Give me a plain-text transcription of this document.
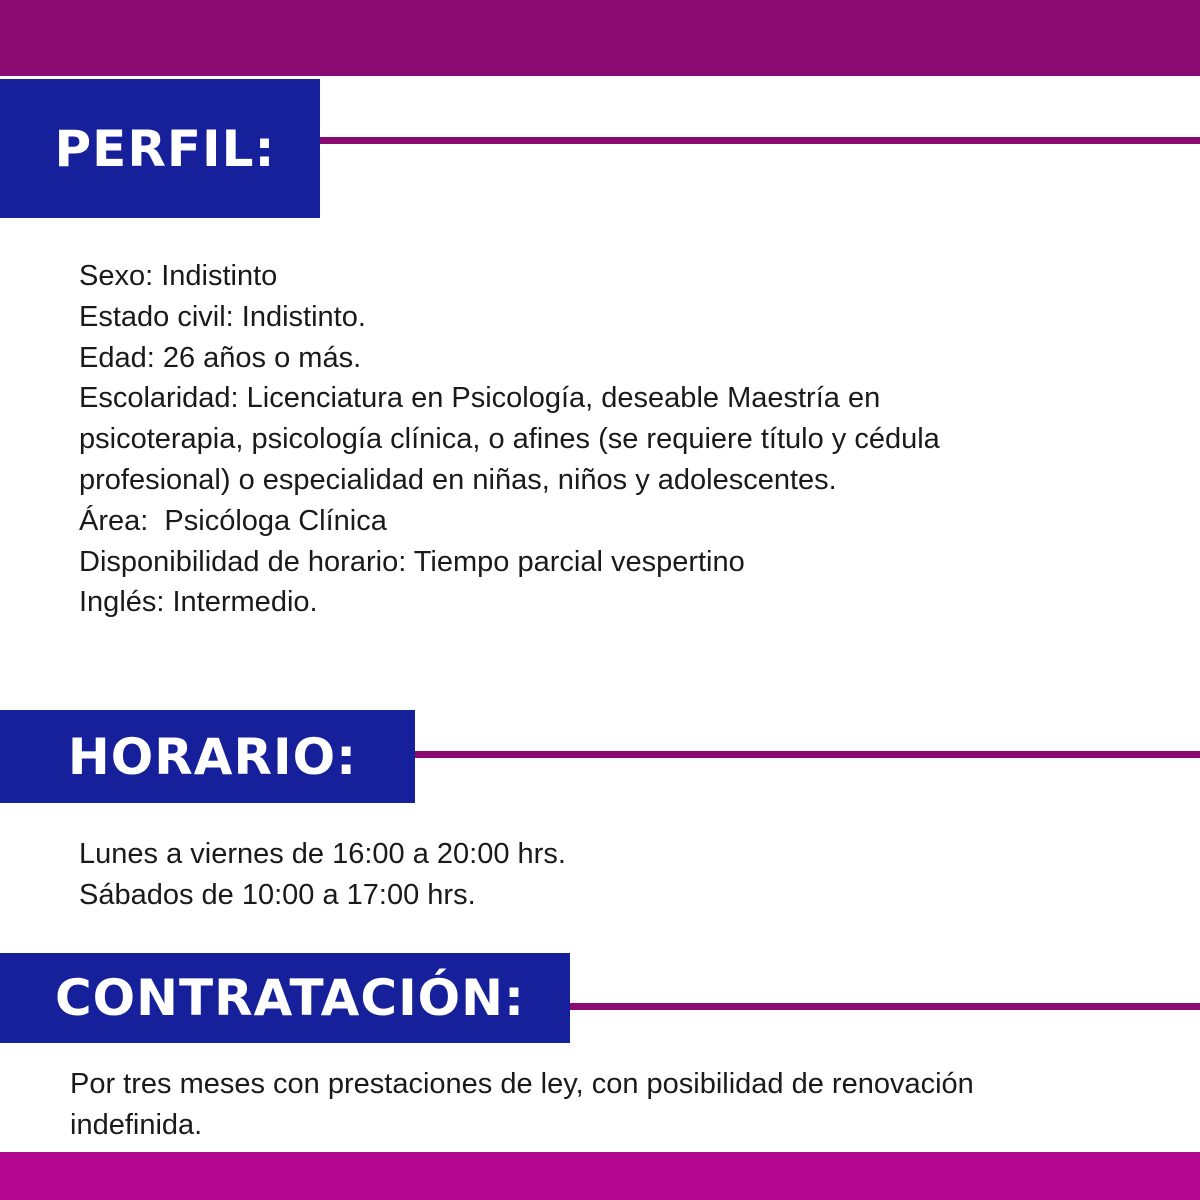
PERFIL:
Sexo: Indistinto
Estado civil: Indistinto.
Edad: 26 años o más.
Escolaridad: Licenciatura en Psicología, deseable Maestría en
psicoterapia, psicología clínica, o afines (se requiere título y cédula
profesional) o especialidad en niñas, niños y adolescentes.
Área:  Psicóloga Clínica
Disponibilidad de horario: Tiempo parcial vespertino
Inglés: Intermedio.
HORARIO:
Lunes a viernes de 16:00 a 20:00 hrs.
Sábados de 10:00 a 17:00 hrs.
CONTRATACIÓN:
Por tres meses con prestaciones de ley, con posibilidad de renovación
indefinida.
